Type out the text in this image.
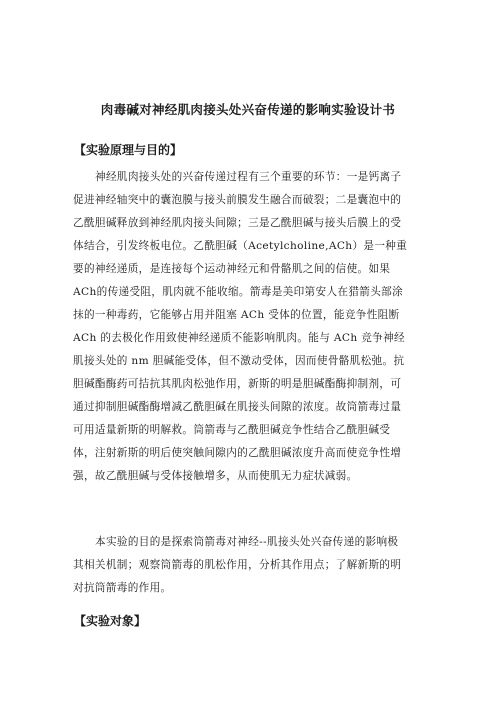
肉毒碱对神经肌肉接头处兴奋传递的影响实验设计书
【实验原理与目的】
神经肌肉接头处的兴奋传递过程有三个重要的环节：一是钙离子
促进神经轴突中的囊泡膜与接头前膜发生融合而破裂；二是囊泡中的
乙酰胆碱释放到神经肌肉接头间隙；三是乙酰胆碱与接头后膜上的受
体结合，引发终板电位。乙酰胆碱（Acetylcholine,ACh）是一种重
要的神经递质，是连接每个运动神经元和骨骼肌之间的信使。如果
ACh的传递受阻，肌肉就不能收缩。箭毒是美印第安人在猎箭头部涂
抹的一种毒药，它能够占用并阻塞 ACh 受体的位置，能竞争性阻断
ACh 的去极化作用致使神经递质不能影响肌肉。能与 ACh 竞争神经
肌接头处的 nm 胆碱能受体，但不激动受体，因而使骨骼肌松弛。抗
胆碱酯酶药可拮抗其肌肉松弛作用，新斯的明是胆碱酯酶抑制剂，可
通过抑制胆碱酯酶增减乙酰胆碱在肌接头间隙的浓度。故筒箭毒过量
可用适量新斯的明解救。筒箭毒与乙酰胆碱竞争性结合乙酰胆碱受
体，注射新斯的明后使突触间隙内的乙酰胆碱浓度升高而使竞争性增
强，故乙酰胆碱与受体接触增多，从而使肌无力症状减弱。
本实验的目的是探索筒箭毒对神经--肌接头处兴奋传递的影响极
其相关机制；观察筒箭毒的肌松作用，分析其作用点；了解新斯的明
对抗筒箭毒的作用。
【实验对象】
